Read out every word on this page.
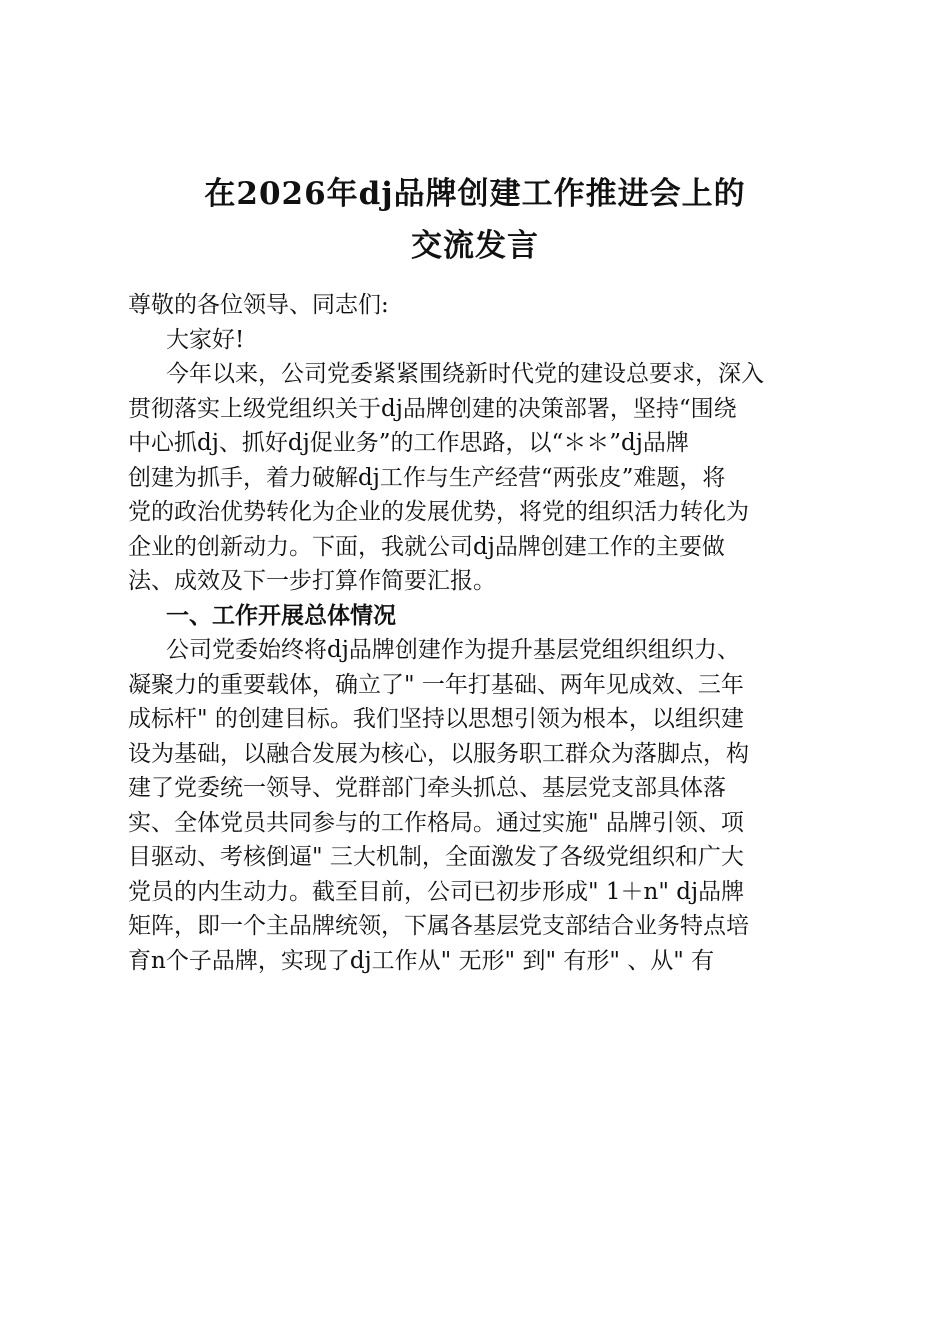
在2026年dj品牌创建工作推进会上的
交流发言
尊敬的各位领导、同志们:
大家好!
今年以来，公司党委紧紧围绕新时代党的建设总要求，深入
贯彻落实上级党组织关于dj品牌创建的决策部署，坚持“围绕
中心抓dj、抓好dj促业务”的工作思路，以“＊＊”dj品牌
创建为抓手，着力破解dj工作与生产经营“两张皮”难题，将
党的政治优势转化为企业的发展优势，将党的组织活力转化为
企业的创新动力。下面，我就公司dj品牌创建工作的主要做
法、成效及下一步打算作简要汇报。
一、工作开展总体情况
公司党委始终将dj品牌创建作为提升基层党组织组织力、
凝聚力的重要载体，确立了" 一年打基础、两年见成效、三年
成标杆" 的创建目标。我们坚持以思想引领为根本，以组织建
设为基础，以融合发展为核心，以服务职工群众为落脚点，构
建了党委统一领导、党群部门牵头抓总、基层党支部具体落
实、全体党员共同参与的工作格局。通过实施" 品牌引领、项
目驱动、考核倒逼" 三大机制，全面激发了各级党组织和广大
党员的内生动力。截至目前，公司已初步形成" 1＋n" dj品牌
矩阵，即一个主品牌统领，下属各基层党支部结合业务特点培
育n个子品牌，实现了dj工作从" 无形" 到" 有形" 、从" 有
